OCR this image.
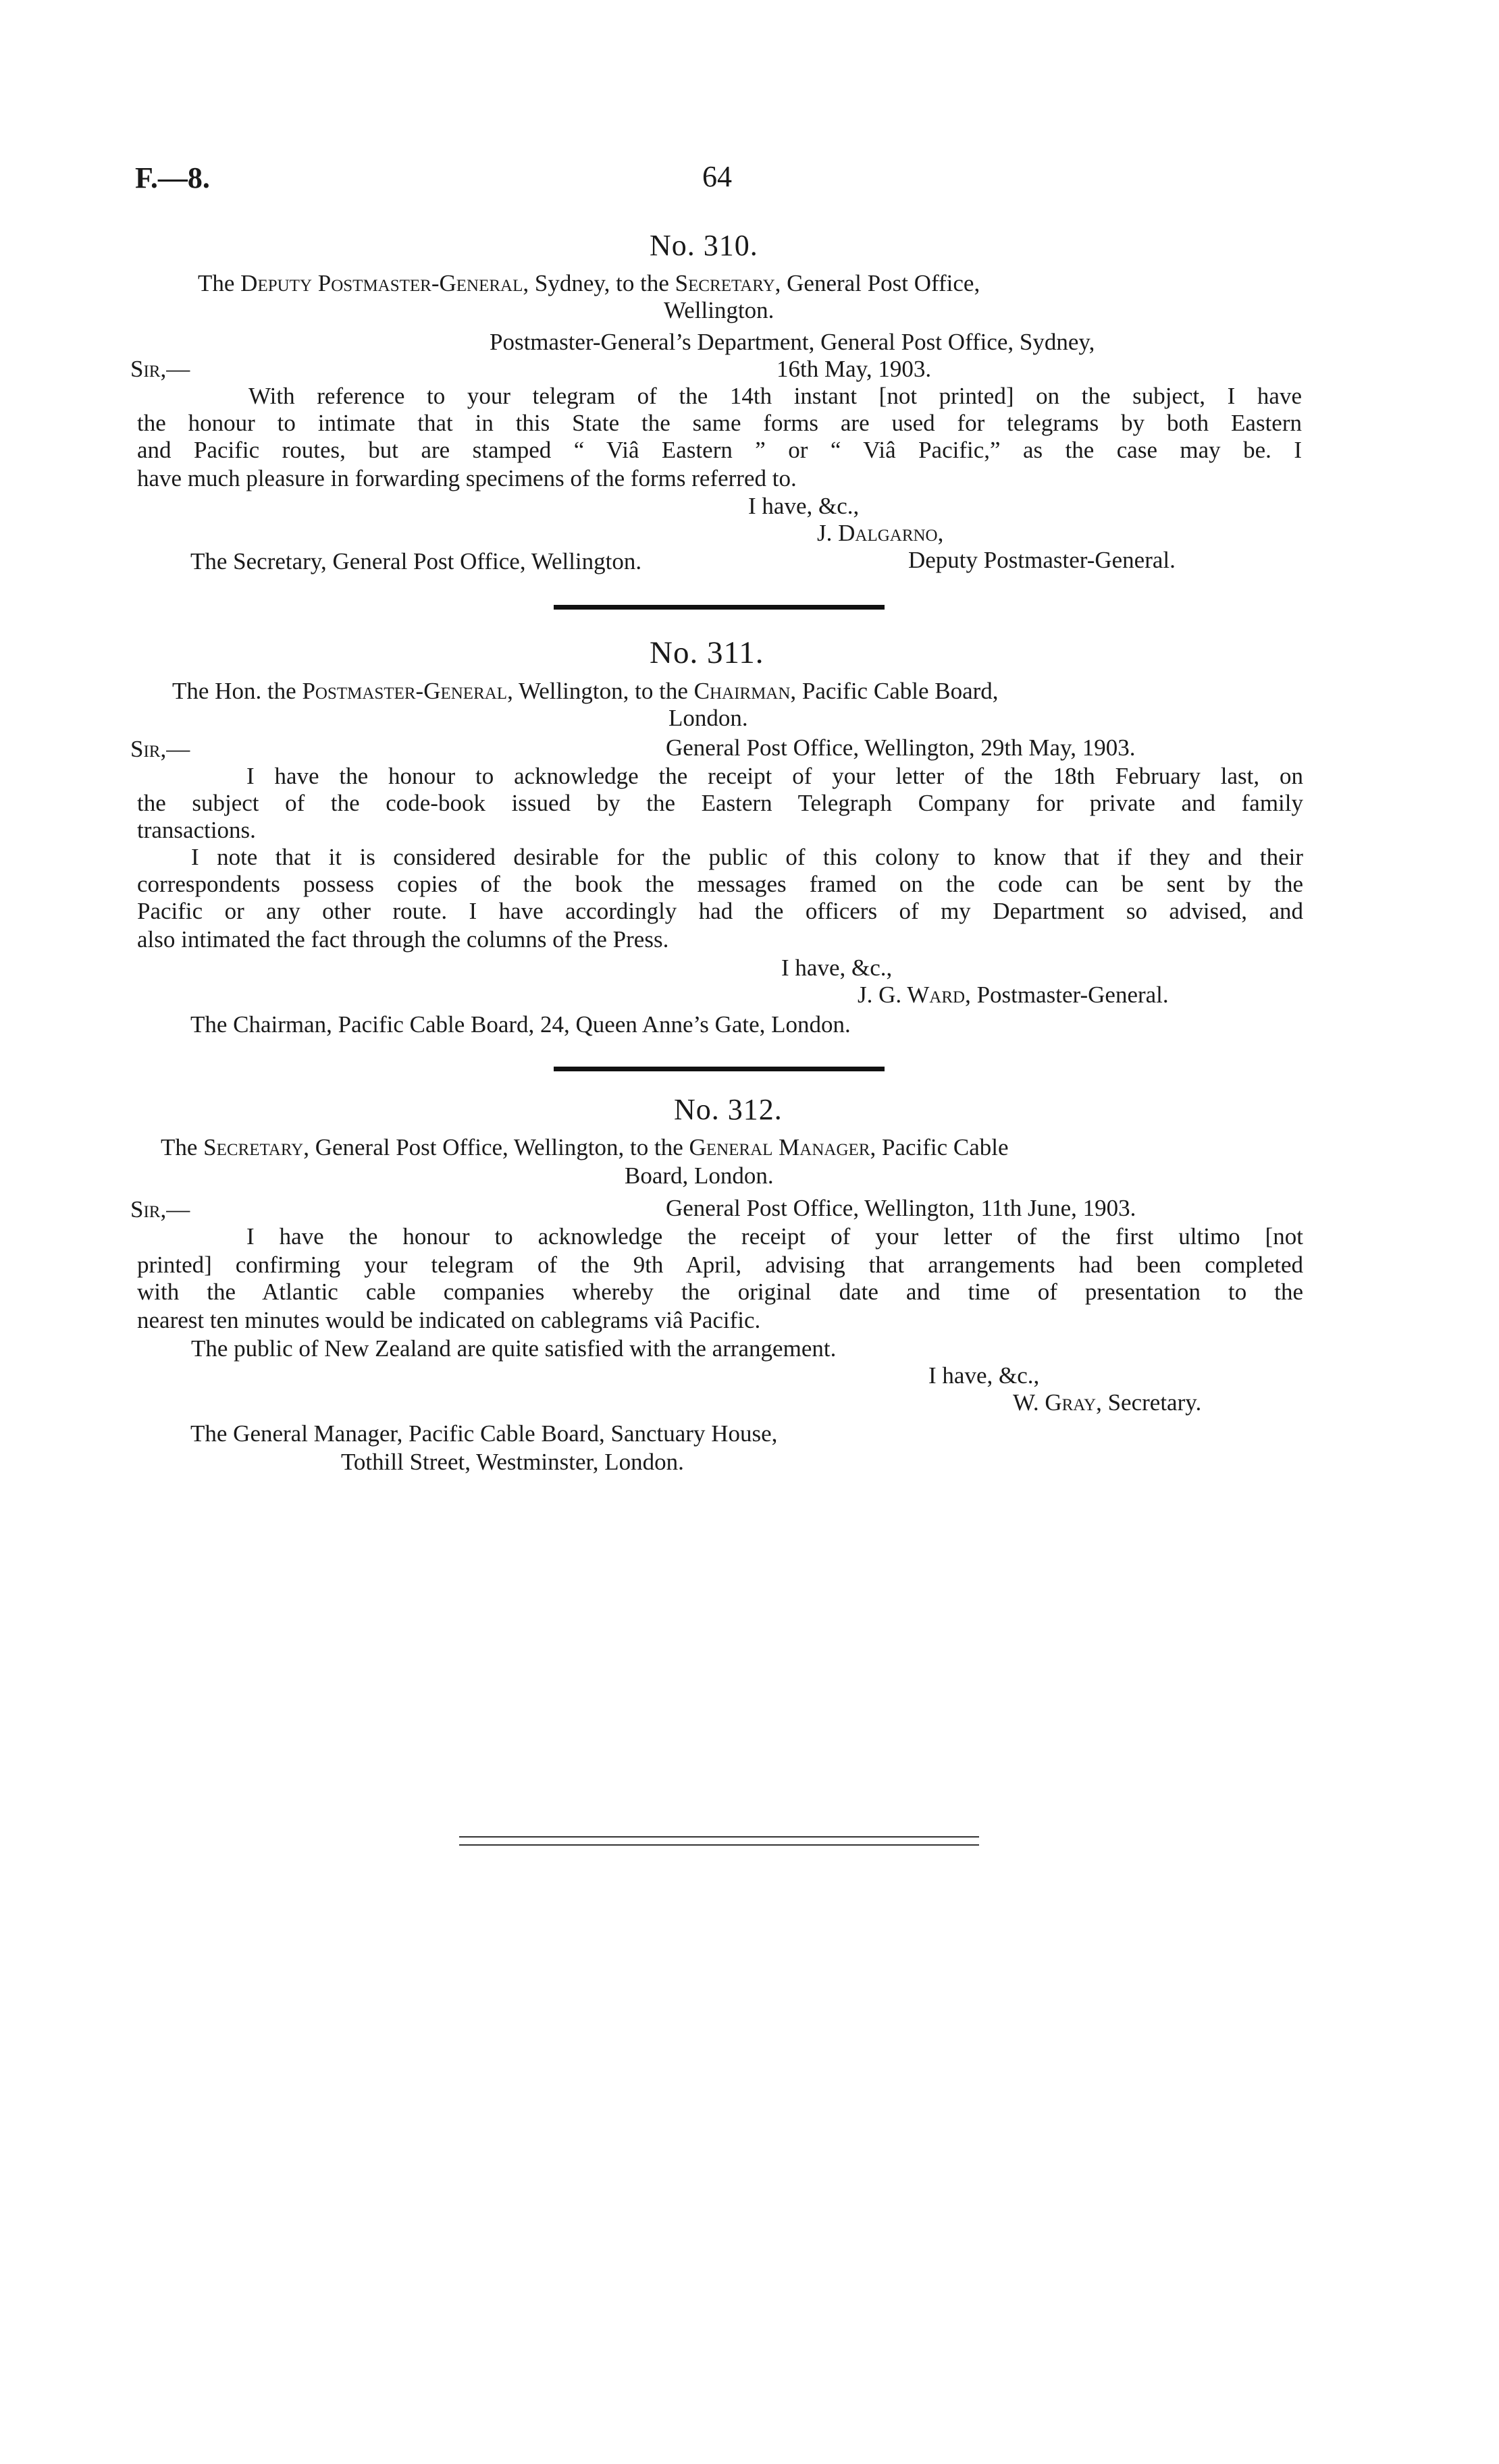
F.—8.	64
No. 310.
The Deputy Postmaster-General, Sydney, to the Secretary, General Post Office,
Wellington.
Postmaster-General’s Department, General Post Office, Sydney,
Sir,—	16th May, 1903.
With reference to your telegram of the 14th instant [not printed] on the subject, I have
the honour to intimate that in this State the same forms are used for telegrams by both Eastern
and Pacific routes, but are stamped “ Viâ Eastern ” or “ Viâ Pacific,” as the case may be. I
have much pleasure in forwarding specimens of the forms referred to.
I have, &c.,
J. Dalgarno,
The Secretary, General Post Office, Wellington.	Deputy Postmaster-General.
No. 311.
The Hon. the Postmaster-General, Wellington, to the Chairman, Pacific Cable Board,
London.
Sir,—	General Post Office, Wellington, 29th May, 1903.
I have the honour to acknowledge the receipt of your letter of the 18th February last, on
the subject of the code-book issued by the Eastern Telegraph Company for private and family
transactions.
I note that it is considered desirable for the public of this colony to know that if they and their
correspondents possess copies of the book the messages framed on the code can be sent by the
Pacific or any other route. I have accordingly had the officers of my Department so advised, and
also intimated the fact through the columns of the Press.
I have, &c.,
J. G. Ward, Postmaster-General.
The Chairman, Pacific Cable Board, 24, Queen Anne’s Gate, London.
No. 312.
The Secretary, General Post Office, Wellington, to the General Manager, Pacific Cable
Board, London.
Sir,—	General Post Office, Wellington, 11th June, 1903.
I have the honour to acknowledge the receipt of your letter of the first ultimo [not
printed] confirming your telegram of the 9th April, advising that arrangements had been completed
with the Atlantic cable companies whereby the original date and time of presentation to the
nearest ten minutes would be indicated on cablegrams viâ Pacific.
The public of New Zealand are quite satisfied with the arrangement.
I have, &c.,
W. Gray, Secretary.
The General Manager, Pacific Cable Board, Sanctuary House,
Tothill Street, Westminster, London.
